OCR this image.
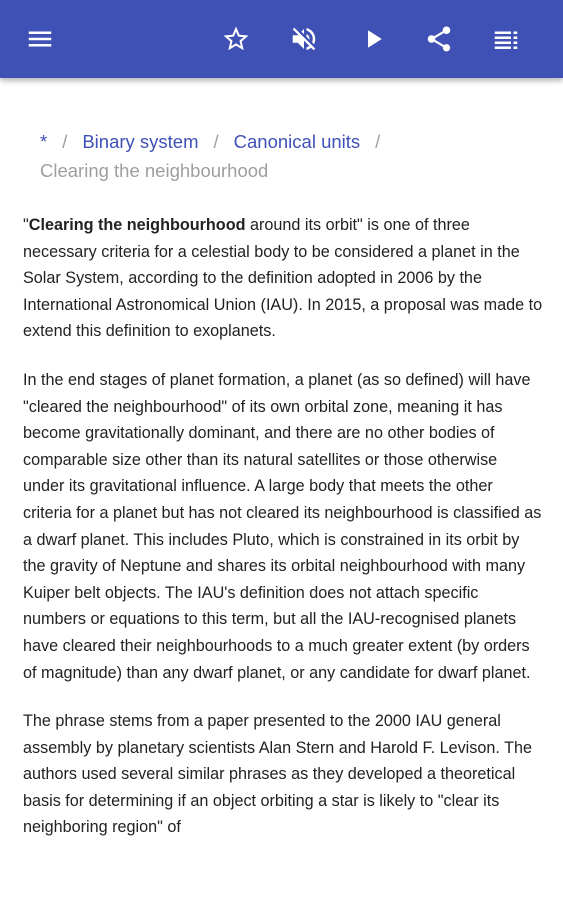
* / Binary system / Canonical units /
Clearing the neighbourhood

"Clearing the neighbourhood around its orbit" is one of three necessary criteria for a celestial body to be considered a planet in the Solar System, according to the definition adopted in 2006 by the International Astronomical Union (IAU). In 2015, a proposal was made to extend this definition to exoplanets.

In the end stages of planet formation, a planet (as so defined) will have "cleared the neighbourhood" of its own orbital zone, meaning it has become gravitationally dominant, and there are no other bodies of comparable size other than its natural satellites or those otherwise under its gravitational influence. A large body that meets the other criteria for a planet but has not cleared its neighbourhood is classified as a dwarf planet. This includes Pluto, which is constrained in its orbit by the gravity of Neptune and shares its orbital neighbourhood with many Kuiper belt objects. The IAU's definition does not attach specific numbers or equations to this term, but all the IAU-recognised planets have cleared their neighbourhoods to a much greater extent (by orders of magnitude) than any dwarf planet, or any candidate for dwarf planet.

The phrase stems from a paper presented to the 2000 IAU general assembly by planetary scientists Alan Stern and Harold F. Levison. The authors used several similar phrases as they developed a theoretical basis for determining if an object orbiting a star is likely to "clear its neighboring region" of
